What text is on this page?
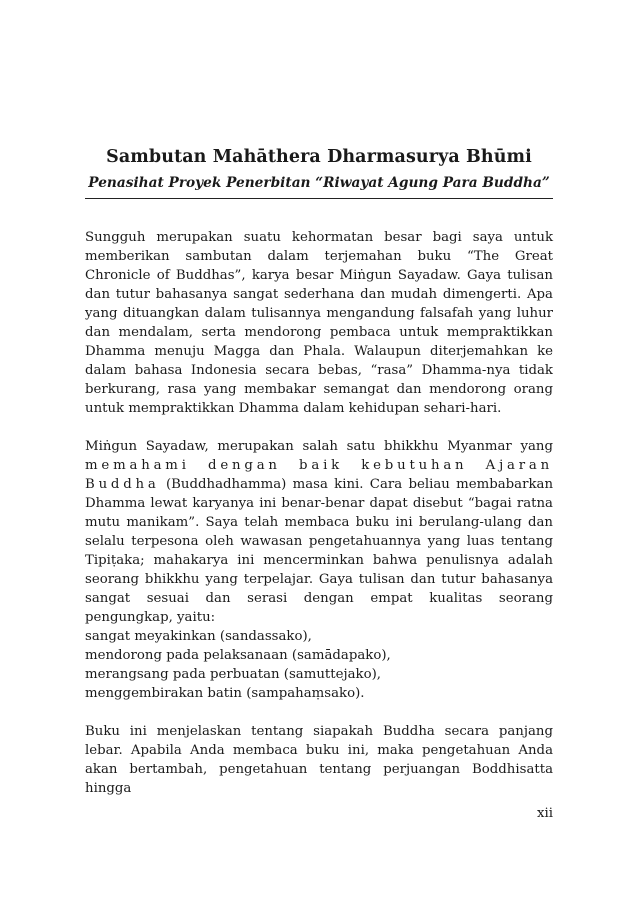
Sambutan Mahāthera Dharmasurya Bhūmi
Penasihat Proyek Penerbitan “Riwayat Agung Para Buddha”

Sungguh merupakan suatu kehormatan besar bagi saya untuk memberikan sambutan dalam terjemahan buku “The Great Chronicle of Buddhas”, karya besar Miṅgun Sayadaw. Gaya tulisan dan tutur bahasanya sangat sederhana dan mudah dimengerti. Apa yang dituangkan dalam tulisannya mengandung falsafah yang luhur dan mendalam, serta mendorong pembaca untuk mempraktikkan Dhamma menuju Magga dan Phala. Walaupun diterjemahkan ke dalam bahasa Indonesia secara bebas, “rasa” Dhamma-nya tidak berkurang, rasa yang membakar semangat dan mendorong orang untuk mempraktikkan Dhamma dalam kehidupan sehari-hari.

Miṅgun Sayadaw, merupakan salah satu bhikkhu Myanmar yang memahami dengan baik kebutuhan Ajaran Buddha (Buddhadhamma) masa kini. Cara beliau membabarkan Dhamma lewat karyanya ini benar-benar dapat disebut “bagai ratna mutu manikam”. Saya telah membaca buku ini berulang-ulang dan selalu terpesona oleh wawasan pengetahuannya yang luas tentang Tipiṭaka; mahakarya ini mencerminkan bahwa penulisnya adalah seorang bhikkhu yang terpelajar. Gaya tulisan dan tutur bahasanya sangat sesuai dan serasi dengan empat kualitas seorang pengungkap, yaitu:

sangat meyakinkan (sandassako),
mendorong pada pelaksanaan (samādapako),
merangsang pada perbuatan (samuttejako),
menggembirakan batin (sampahaṃsako).

Buku ini menjelaskan tentang siapakah Buddha secara panjang lebar. Apabila Anda membaca buku ini, maka pengetahuan Anda akan bertambah, pengetahuan tentang perjuangan Boddhisatta hingga

xii
